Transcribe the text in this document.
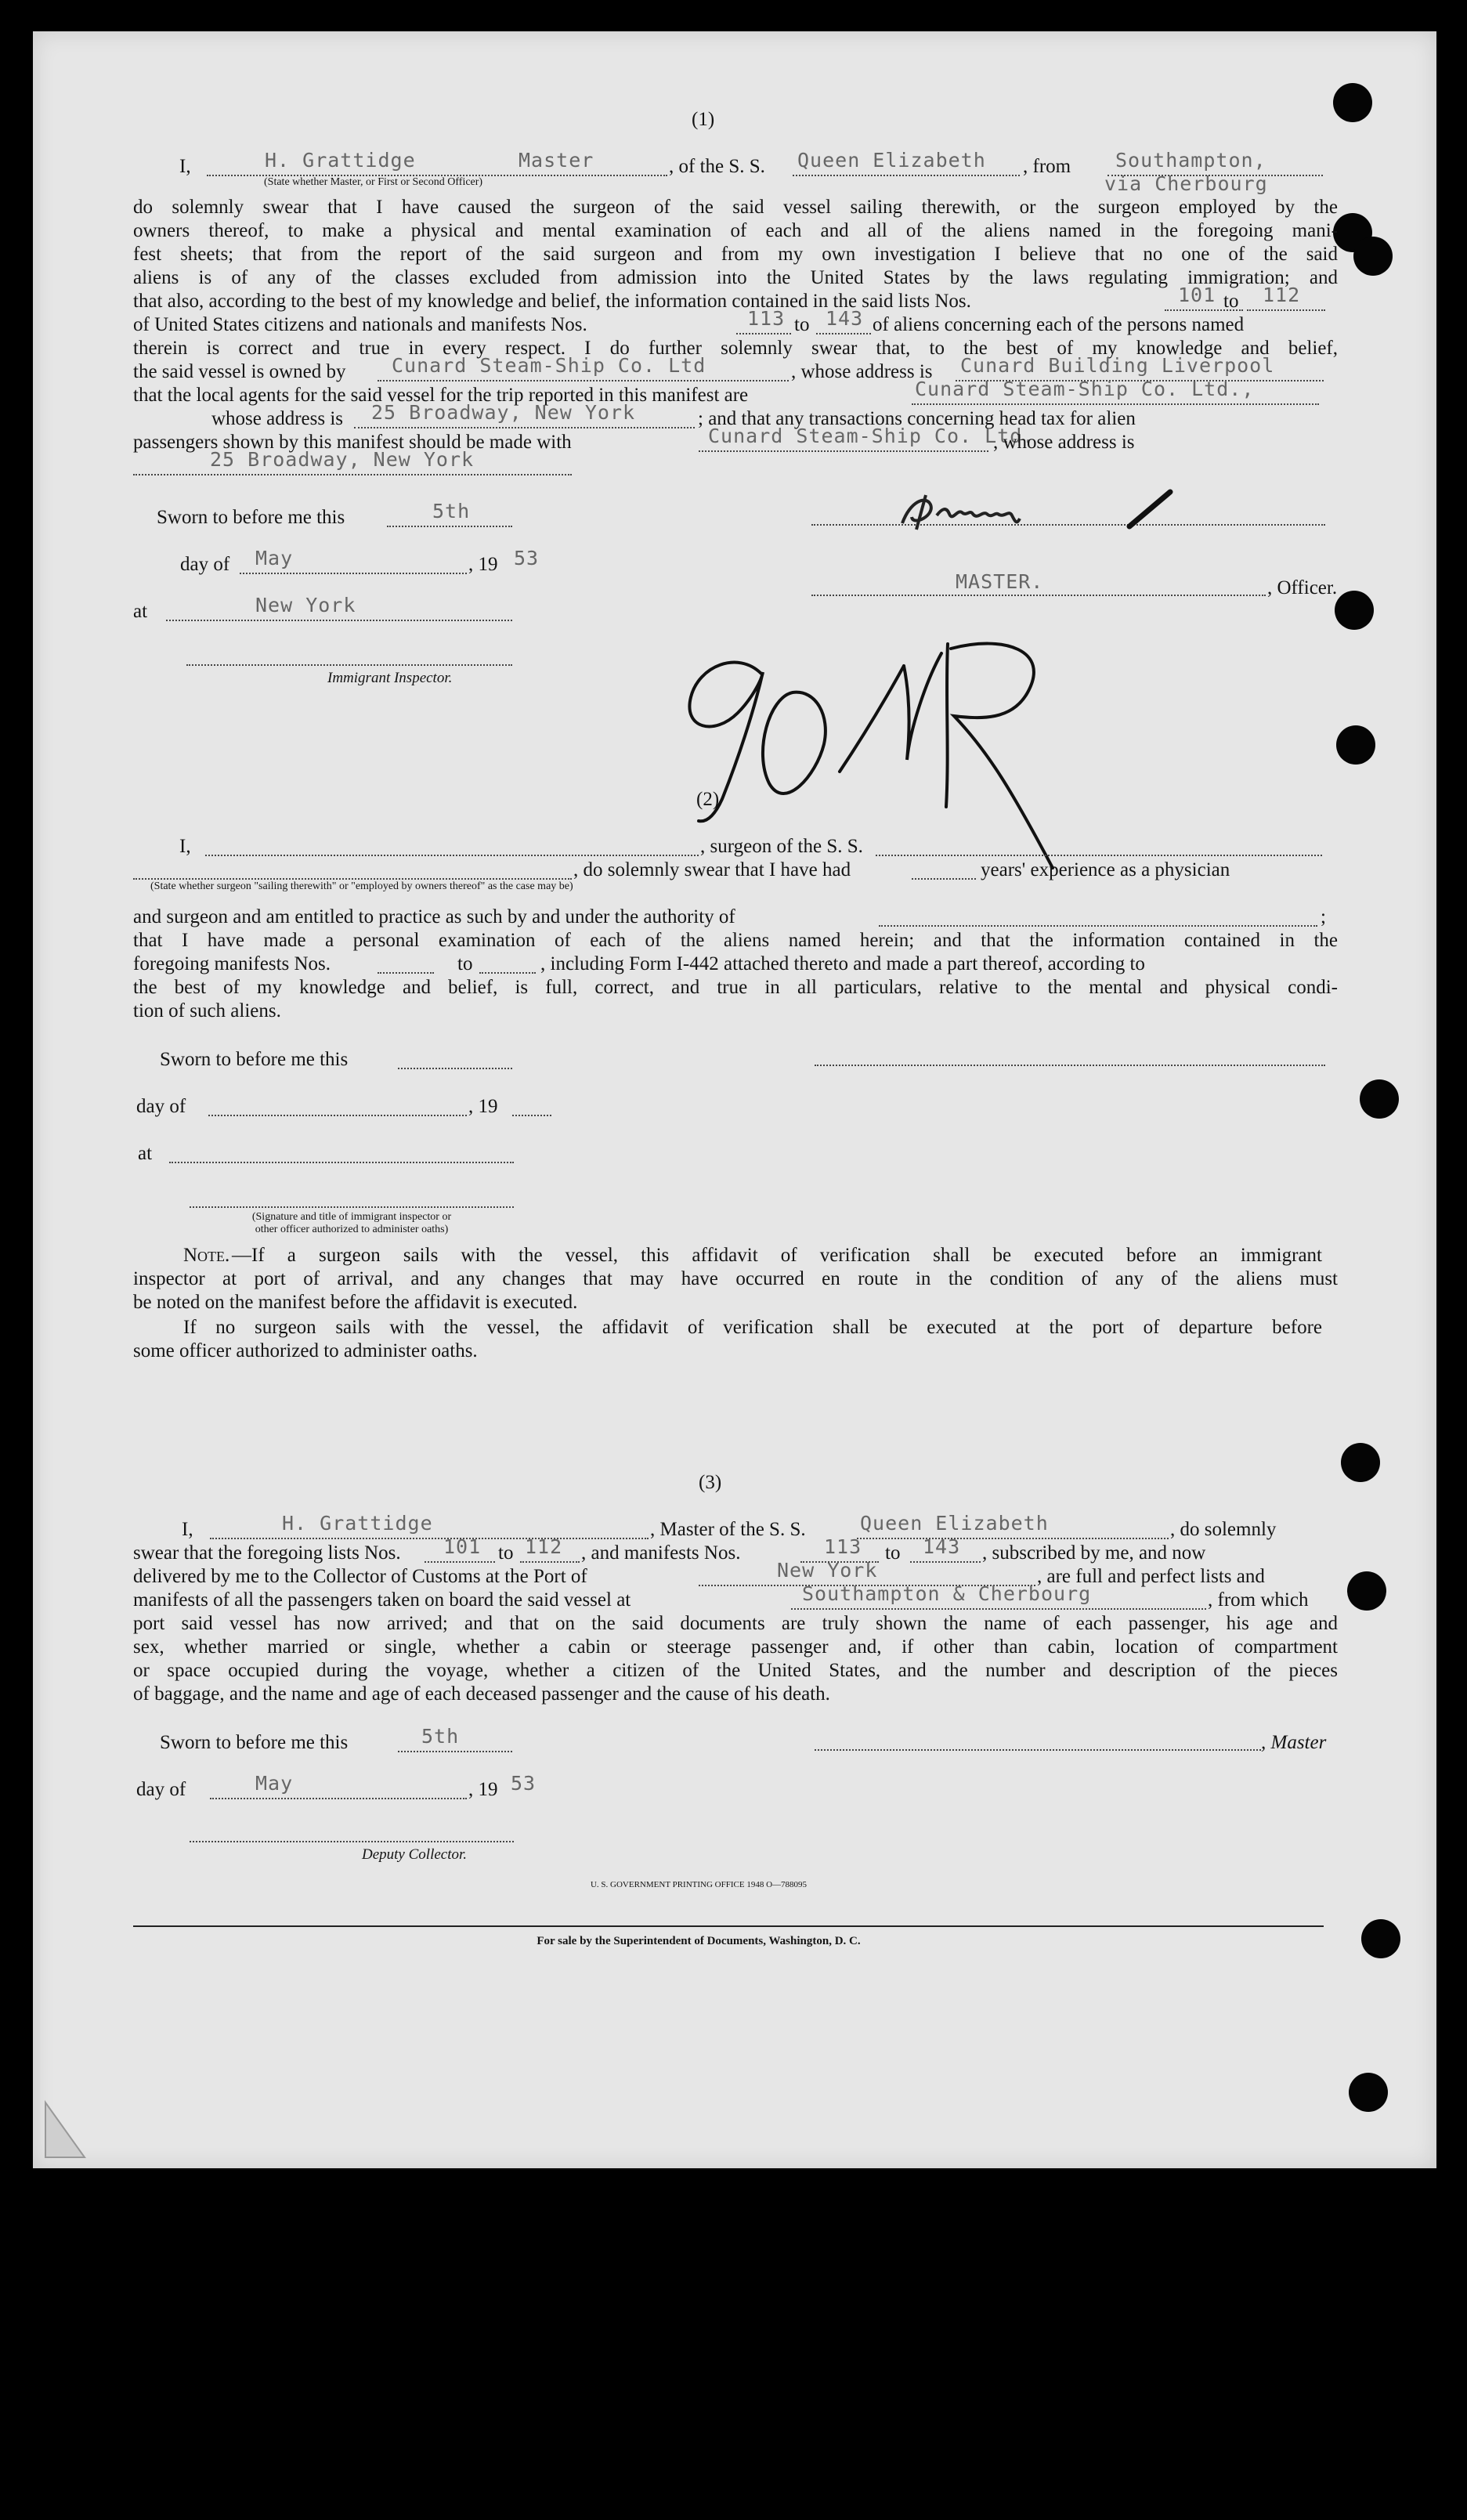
(1)
I,	H. Grattidge	Master
(State whether Master, or First or Second Officer)
, of the S. S. Queen Elizabeth , from Southampton,
via Cherbourg
do solemnly swear that I have caused the surgeon of the said vessel sailing therewith, or the surgeon employed by the
owners thereof, to make a physical and mental examination of each and all of the aliens named in the foregoing mani-
fest sheets; that from the report of the said surgeon and from my own investigation I believe that no one of the said
aliens is of any of the classes excluded from admission into the United States by the laws regulating immigration; and
that also, according to the best of my knowledge and belief, the information contained in the said lists Nos.	101 to 112
of United States citizens and nationals and manifests Nos.	113 to 143 of aliens concerning each of the persons named
therein is correct and true in every respect. I do further solemnly swear that, to the best of my knowledge and belief,
the said vessel is owned by Cunard Steam-Ship Co. Ltd	, whose address is Cunard Building Liverpool
that the local agents for the said vessel for the trip reported in this manifest are	Cunard Steam-Ship Co. Ltd.,
whose address is 25 Broadway, New York	; and that any transactions concerning head tax for alien
passengers shown by this manifest should be made with	Cunard Steam-Ship Co. Ltd.
, whose address is
25 Broadway, New York
Sworn to before me this	5th
day of May	, 19 53
at	New York
Immigrant Inspector.
MASTER.	, Officer.
(2)
I,	, surgeon of the S. S.
, do solemnly swear that I have had	years' experience as a physician
(State whether surgeon "sailing therewith" or "employed by owners thereof" as the case may be)
and surgeon and am entitled to practice as such by and under the authority of	;
that I have made a personal examination of each of the aliens named herein; and that the information contained in the
foregoing manifests Nos.	to	, including Form I-442 attached thereto and made a part thereof, according to
the best of my knowledge and belief, is full, correct, and true in all particulars, relative to the mental and physical condi-
tion of such aliens.
Sworn to before me this
day of	, 19
at
(Signature and title of immigrant inspector or
other officer authorized to administer oaths)
Note. —If a surgeon sails with the vessel, this affidavit of verification shall be executed before an immigrant
inspector at port of arrival, and any changes that may have occurred en route in the condition of any of the aliens must
be noted on the manifest before the affidavit is executed.
If no surgeon sails with the vessel, the affidavit of verification shall be executed at the port of departure before
some officer authorized to administer oaths.
(3)
I,	H. Grattidge	, Master of the S. S.	Queen Elizabeth	, do solemnly
swear that the foregoing lists Nos. 101 to 112 , and manifests Nos.	113 to 143 , subscribed by me, and now
delivered by me to the Collector of Customs at the Port of	New York	, are full and perfect lists and
manifests of all the passengers taken on board the said vessel at	Southampton & Cherbourg	, from which
port said vessel has now arrived; and that on the said documents are truly shown the name of each passenger, his age and
sex, whether married or single, whether a cabin or steerage passenger and, if other than cabin, location of compartment
or space occupied during the voyage, whether a citizen of the United States, and the number and description of the pieces
of baggage, and the name and age of each deceased passenger and the cause of his death.
Sworn to before me this	5th	, Master
day of	May	, 19 53
Deputy Collector.
U. S. GOVERNMENT PRINTING OFFICE 1948 O—788095
For sale by the Superintendent of Documents, Washington, D. C.
